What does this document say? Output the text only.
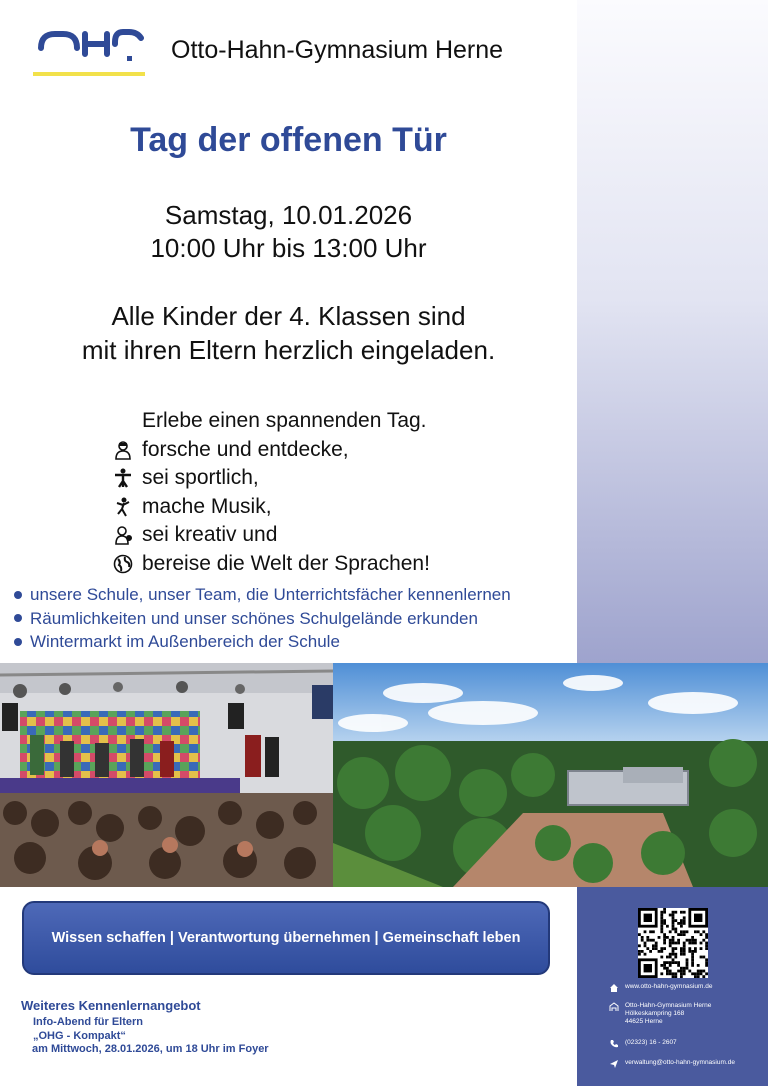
Otto-Hahn-Gymnasium Herne
Tag der offenen Tür
Samstag, 10.01.2026
10:00 Uhr bis 13:00 Uhr
Alle Kinder der 4. Klassen sind
mit ihren Eltern herzlich eingeladen.
Erlebe einen spannenden Tag.
forsche und entdecke,
sei sportlich,
mache Musik,
sei kreativ und
bereise die Welt der Sprachen!
unsere Schule, unser Team, die Unterrichtsfächer kennenlernen
Räumlichkeiten und unser schönes Schulgelände erkunden
Wintermarkt im Außenbereich der Schule
Wissen schaffen | Verantwortung übernehmen | Gemeinschaft leben
Weiteres Kennenlernangebot
Info-Abend für Eltern
„OHG - Kompakt“
am Mittwoch, 28.01.2026, um 18 Uhr im Foyer
www.otto-hahn-gymnasium.de
Otto-Hahn-Gymnasium Herne
Hölkeskampring 168
44625 Herne
(02323) 16 - 2607
verwaltung@otto-hahn-gymnasium.de
